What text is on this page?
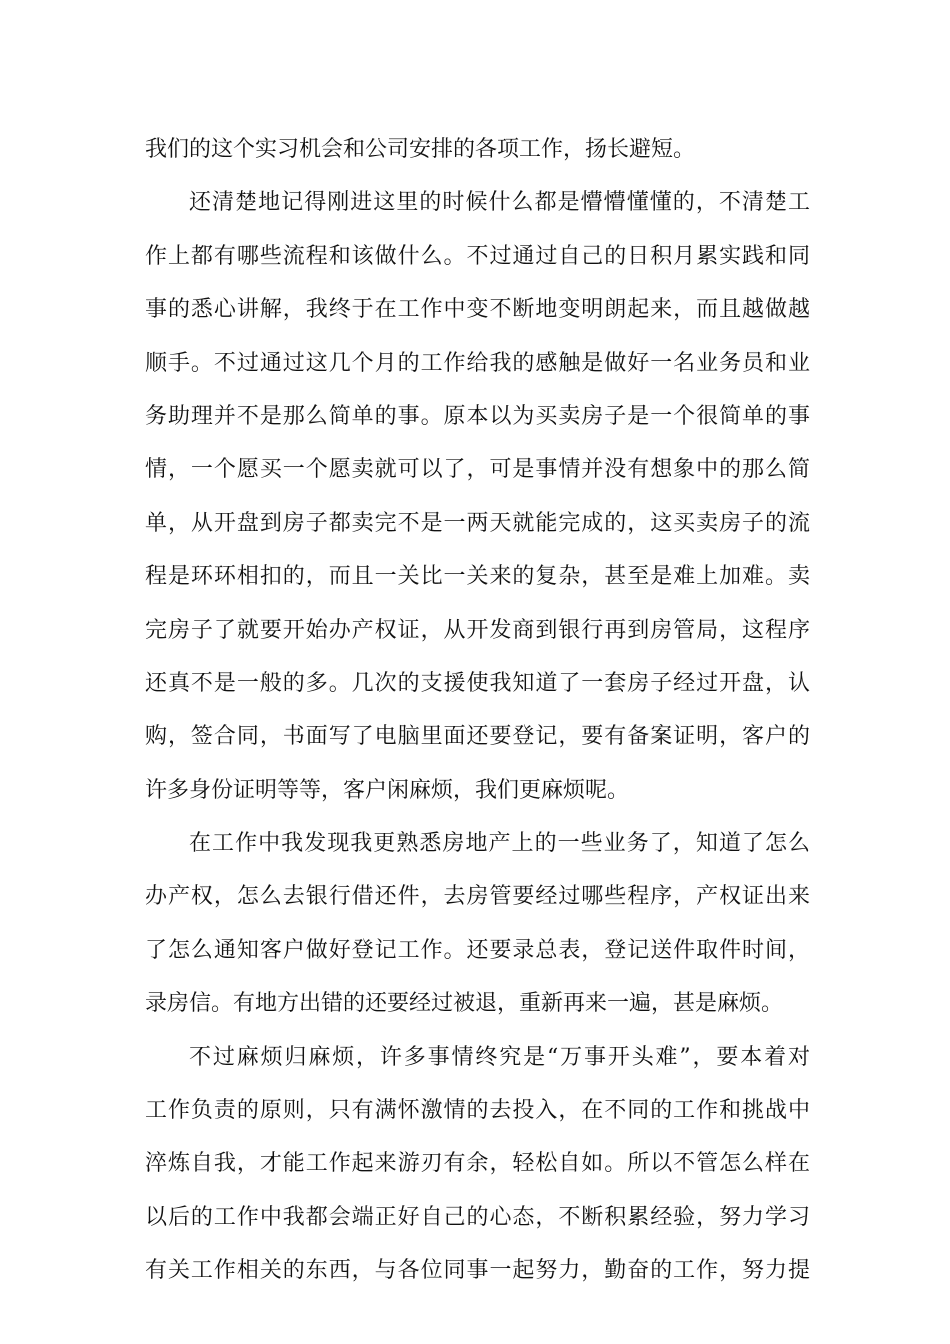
我们的这个实习机会和公司安排的各项工作，扬长避短。
还清楚地记得刚进这里的时候什么都是懵懵懂懂的，不清楚工
作上都有哪些流程和该做什么。不过通过自己的日积月累实践和同
事的悉心讲解，我终于在工作中变不断地变明朗起来，而且越做越
顺手。不过通过这几个月的工作给我的感触是做好一名业务员和业
务助理并不是那么简单的事。原本以为买卖房子是一个很简单的事
情，一个愿买一个愿卖就可以了，可是事情并没有想象中的那么简
单，从开盘到房子都卖完不是一两天就能完成的，这买卖房子的流
程是环环相扣的，而且一关比一关来的复杂，甚至是难上加难。卖
完房子了就要开始办产权证，从开发商到银行再到房管局，这程序
还真不是一般的多。几次的支援使我知道了一套房子经过开盘，认
购，签合同，书面写了电脑里面还要登记，要有备案证明，客户的
许多身份证明等等，客户闲麻烦，我们更麻烦呢。
在工作中我发现我更熟悉房地产上的一些业务了，知道了怎么
办产权，怎么去银行借还件，去房管要经过哪些程序，产权证出来
了怎么通知客户做好登记工作。还要录总表，登记送件取件时间，
录房信。有地方出错的还要经过被退，重新再来一遍，甚是麻烦。
不过麻烦归麻烦，许多事情终究是“万事开头难”，要本着对
工作负责的原则，只有满怀激情的去投入，在不同的工作和挑战中
淬炼自我，才能工作起来游刃有余，轻松自如。所以不管怎么样在
以后的工作中我都会端正好自己的心态，不断积累经验，努力学习
有关工作相关的东西，与各位同事一起努力，勤奋的工作，努力提
